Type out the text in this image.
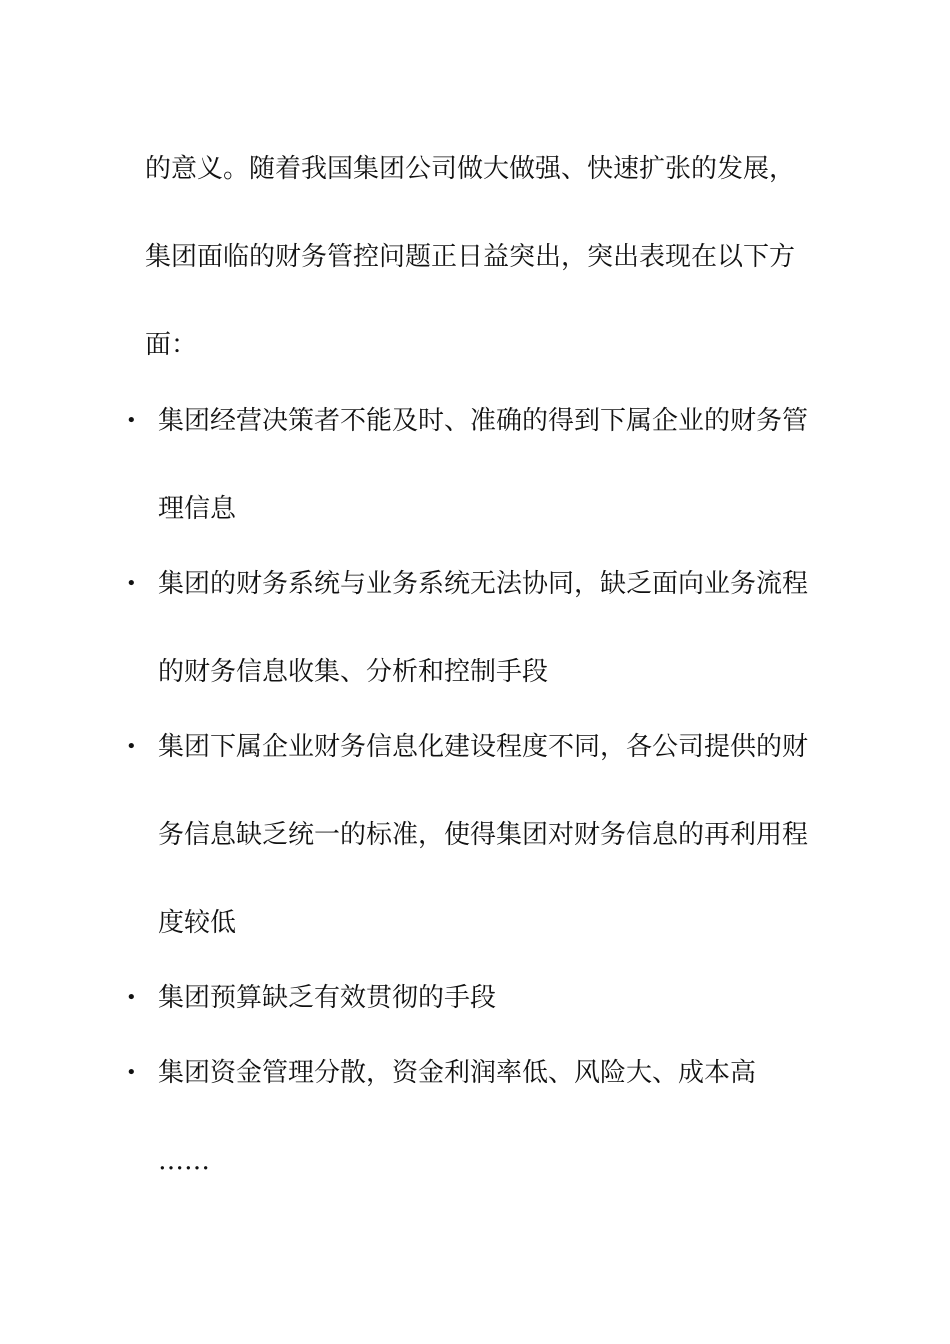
的意义。随着我国集团公司做大做强、快速扩张的发展，
集团面临的财务管控问题正日益突出，突出表现在以下方
面：
• 集团经营决策者不能及时、准确的得到下属企业的财务管
理信息
• 集团的财务系统与业务系统无法协同，缺乏面向业务流程
的财务信息收集、分析和控制手段
• 集团下属企业财务信息化建设程度不同，各公司提供的财
务信息缺乏统一的标准，使得集团对财务信息的再利用程
度较低
• 集团预算缺乏有效贯彻的手段
• 集团资金管理分散，资金利润率低、风险大、成本高
……
